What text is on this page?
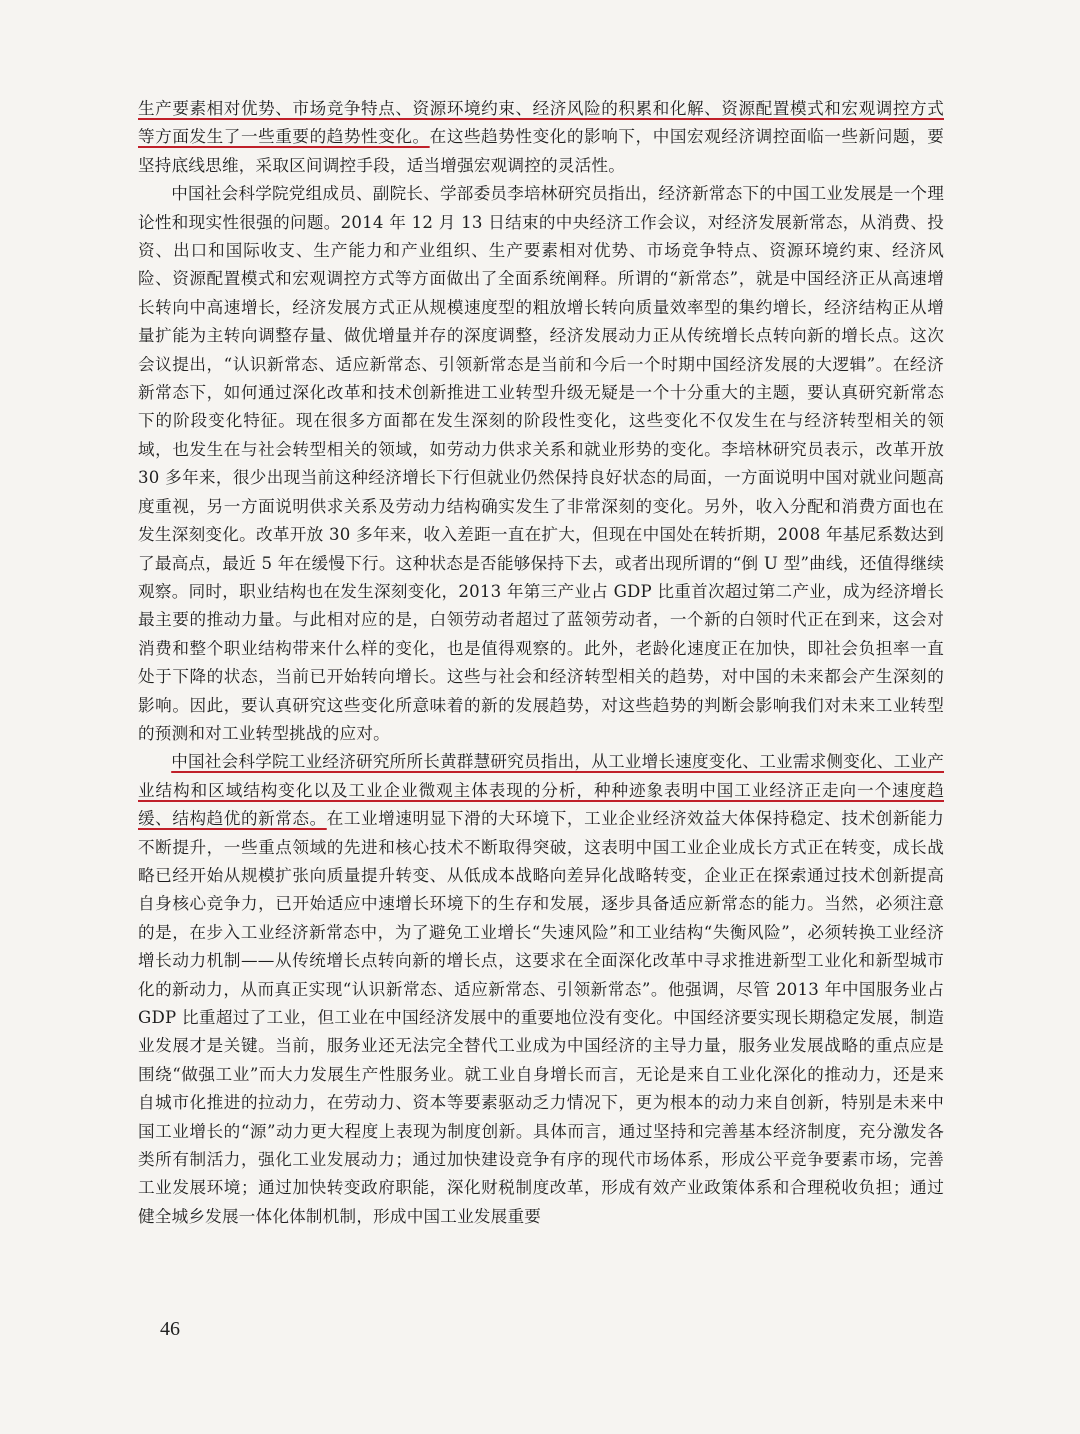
生产要素相对优势、市场竞争特点、资源环境约束、经济风险的积累和化解、资源配置模式和宏观调控方式等方面发生了一些重要的趋势性变化。在这些趋势性变化的影响下，中国宏观经济调控面临一些新问题，要坚持底线思维，采取区间调控手段，适当增强宏观调控的灵活性。

中国社会科学院党组成员、副院长、学部委员李培林研究员指出，经济新常态下的中国工业发展是一个理论性和现实性很强的问题。2014 年 12 月 13 日结束的中央经济工作会议，对经济发展新常态，从消费、投资、出口和国际收支、生产能力和产业组织、生产要素相对优势、市场竞争特点、资源环境约束、经济风险、资源配置模式和宏观调控方式等方面做出了全面系统阐释。所谓的“新常态”，就是中国经济正从高速增长转向中高速增长，经济发展方式正从规模速度型的粗放增长转向质量效率型的集约增长，经济结构正从增量扩能为主转向调整存量、做优增量并存的深度调整，经济发展动力正从传统增长点转向新的增长点。这次会议提出，“认识新常态、适应新常态、引领新常态是当前和今后一个时期中国经济发展的大逻辑”。在经济新常态下，如何通过深化改革和技术创新推进工业转型升级无疑是一个十分重大的主题，要认真研究新常态下的阶段变化特征。现在很多方面都在发生深刻的阶段性变化，这些变化不仅发生在与经济转型相关的领域，也发生在与社会转型相关的领域，如劳动力供求关系和就业形势的变化。李培林研究员表示，改革开放 30 多年来，很少出现当前这种经济增长下行但就业仍然保持良好状态的局面，一方面说明中国对就业问题高度重视，另一方面说明供求关系及劳动力结构确实发生了非常深刻的变化。另外，收入分配和消费方面也在发生深刻变化。改革开放 30 多年来，收入差距一直在扩大，但现在中国处在转折期，2008 年基尼系数达到了最高点，最近 5 年在缓慢下行。这种状态是否能够保持下去，或者出现所谓的“倒 U 型”曲线，还值得继续观察。同时，职业结构也在发生深刻变化，2013 年第三产业占 GDP 比重首次超过第二产业，成为经济增长最主要的推动力量。与此相对应的是，白领劳动者超过了蓝领劳动者，一个新的白领时代正在到来，这会对消费和整个职业结构带来什么样的变化，也是值得观察的。此外，老龄化速度正在加快，即社会负担率一直处于下降的状态，当前已开始转向增长。这些与社会和经济转型相关的趋势，对中国的未来都会产生深刻的影响。因此，要认真研究这些变化所意味着的新的发展趋势，对这些趋势的判断会影响我们对未来工业转型的预测和对工业转型挑战的应对。

中国社会科学院工业经济研究所所长黄群慧研究员指出，从工业增长速度变化、工业需求侧变化、工业产业结构和区域结构变化以及工业企业微观主体表现的分析，种种迹象表明中国工业经济正走向一个速度趋缓、结构趋优的新常态。在工业增速明显下滑的大环境下，工业企业经济效益大体保持稳定、技术创新能力不断提升，一些重点领域的先进和核心技术不断取得突破，这表明中国工业企业成长方式正在转变，成长战略已经开始从规模扩张向质量提升转变、从低成本战略向差异化战略转变，企业正在探索通过技术创新提高自身核心竞争力，已开始适应中速增长环境下的生存和发展，逐步具备适应新常态的能力。当然，必须注意的是，在步入工业经济新常态中，为了避免工业增长“失速风险”和工业结构“失衡风险”，必须转换工业经济增长动力机制——从传统增长点转向新的增长点，这要求在全面深化改革中寻求推进新型工业化和新型城市化的新动力，从而真正实现“认识新常态、适应新常态、引领新常态”。他强调，尽管 2013 年中国服务业占 GDP 比重超过了工业，但工业在中国经济发展中的重要地位没有变化。中国经济要实现长期稳定发展，制造业发展才是关键。当前，服务业还无法完全替代工业成为中国经济的主导力量，服务业发展战略的重点应是围绕“做强工业”而大力发展生产性服务业。就工业自身增长而言，无论是来自工业化深化的推动力，还是来自城市化推进的拉动力，在劳动力、资本等要素驱动乏力情况下，更为根本的动力来自创新，特别是未来中国工业增长的“源”动力更大程度上表现为制度创新。具体而言，通过坚持和完善基本经济制度，充分激发各类所有制活力，强化工业发展动力；通过加快建设竞争有序的现代市场体系，形成公平竞争要素市场，完善工业发展环境；通过加快转变政府职能，深化财税制度改革，形成有效产业政策体系和合理税收负担；通过健全城乡发展一体化体制机制，形成中国工业发展重要

46
